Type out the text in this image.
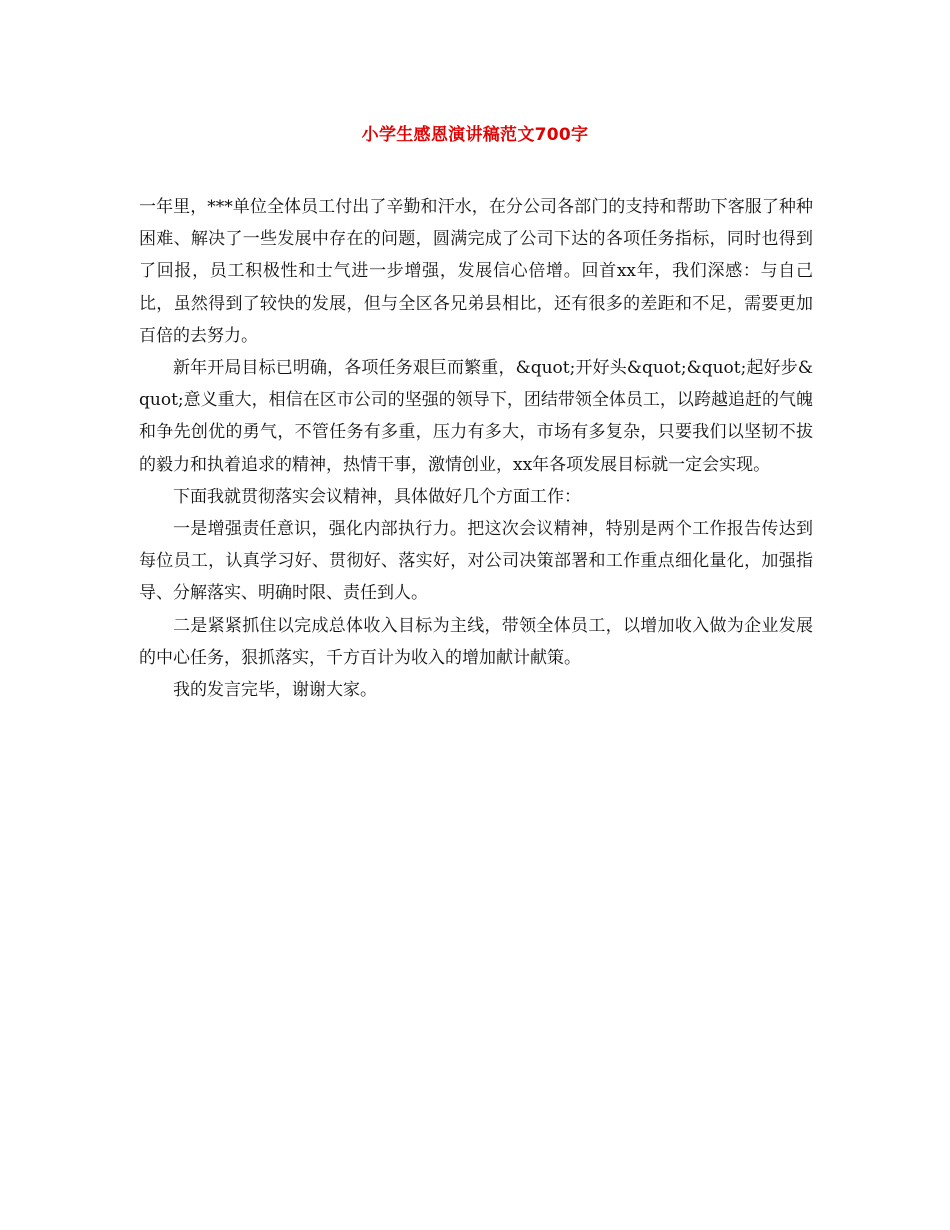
小学生感恩演讲稿范文700字

一年里，***单位全体员工付出了辛勤和汗水，在分公司各部门的支持和帮助下客服了种种困难、解决了一些发展中存在的问题，圆满完成了公司下达的各项任务指标，同时也得到了回报，员工积极性和士气进一步增强，发展信心倍增。回首xx年，我们深感：与自己比，虽然得到了较快的发展，但与全区各兄弟县相比，还有很多的差距和不足，需要更加百倍的去努力。

新年开局目标已明确，各项任务艰巨而繁重，&quot;开好头&quot;&quot;起好步&quot;意义重大，相信在区市公司的坚强的领导下，团结带领全体员工，以跨越追赶的气魄和争先创优的勇气，不管任务有多重，压力有多大，市场有多复杂，只要我们以坚韧不拔的毅力和执着追求的精神，热情干事，激情创业，xx年各项发展目标就一定会实现。

下面我就贯彻落实会议精神，具体做好几个方面工作：

一是增强责任意识，强化内部执行力。把这次会议精神，特别是两个工作报告传达到每位员工，认真学习好、贯彻好、落实好，对公司决策部署和工作重点细化量化，加强指导、分解落实、明确时限、责任到人。

二是紧紧抓住以完成总体收入目标为主线，带领全体员工，以增加收入做为企业发展的中心任务，狠抓落实，千方百计为收入的增加献计献策。

我的发言完毕，谢谢大家。
